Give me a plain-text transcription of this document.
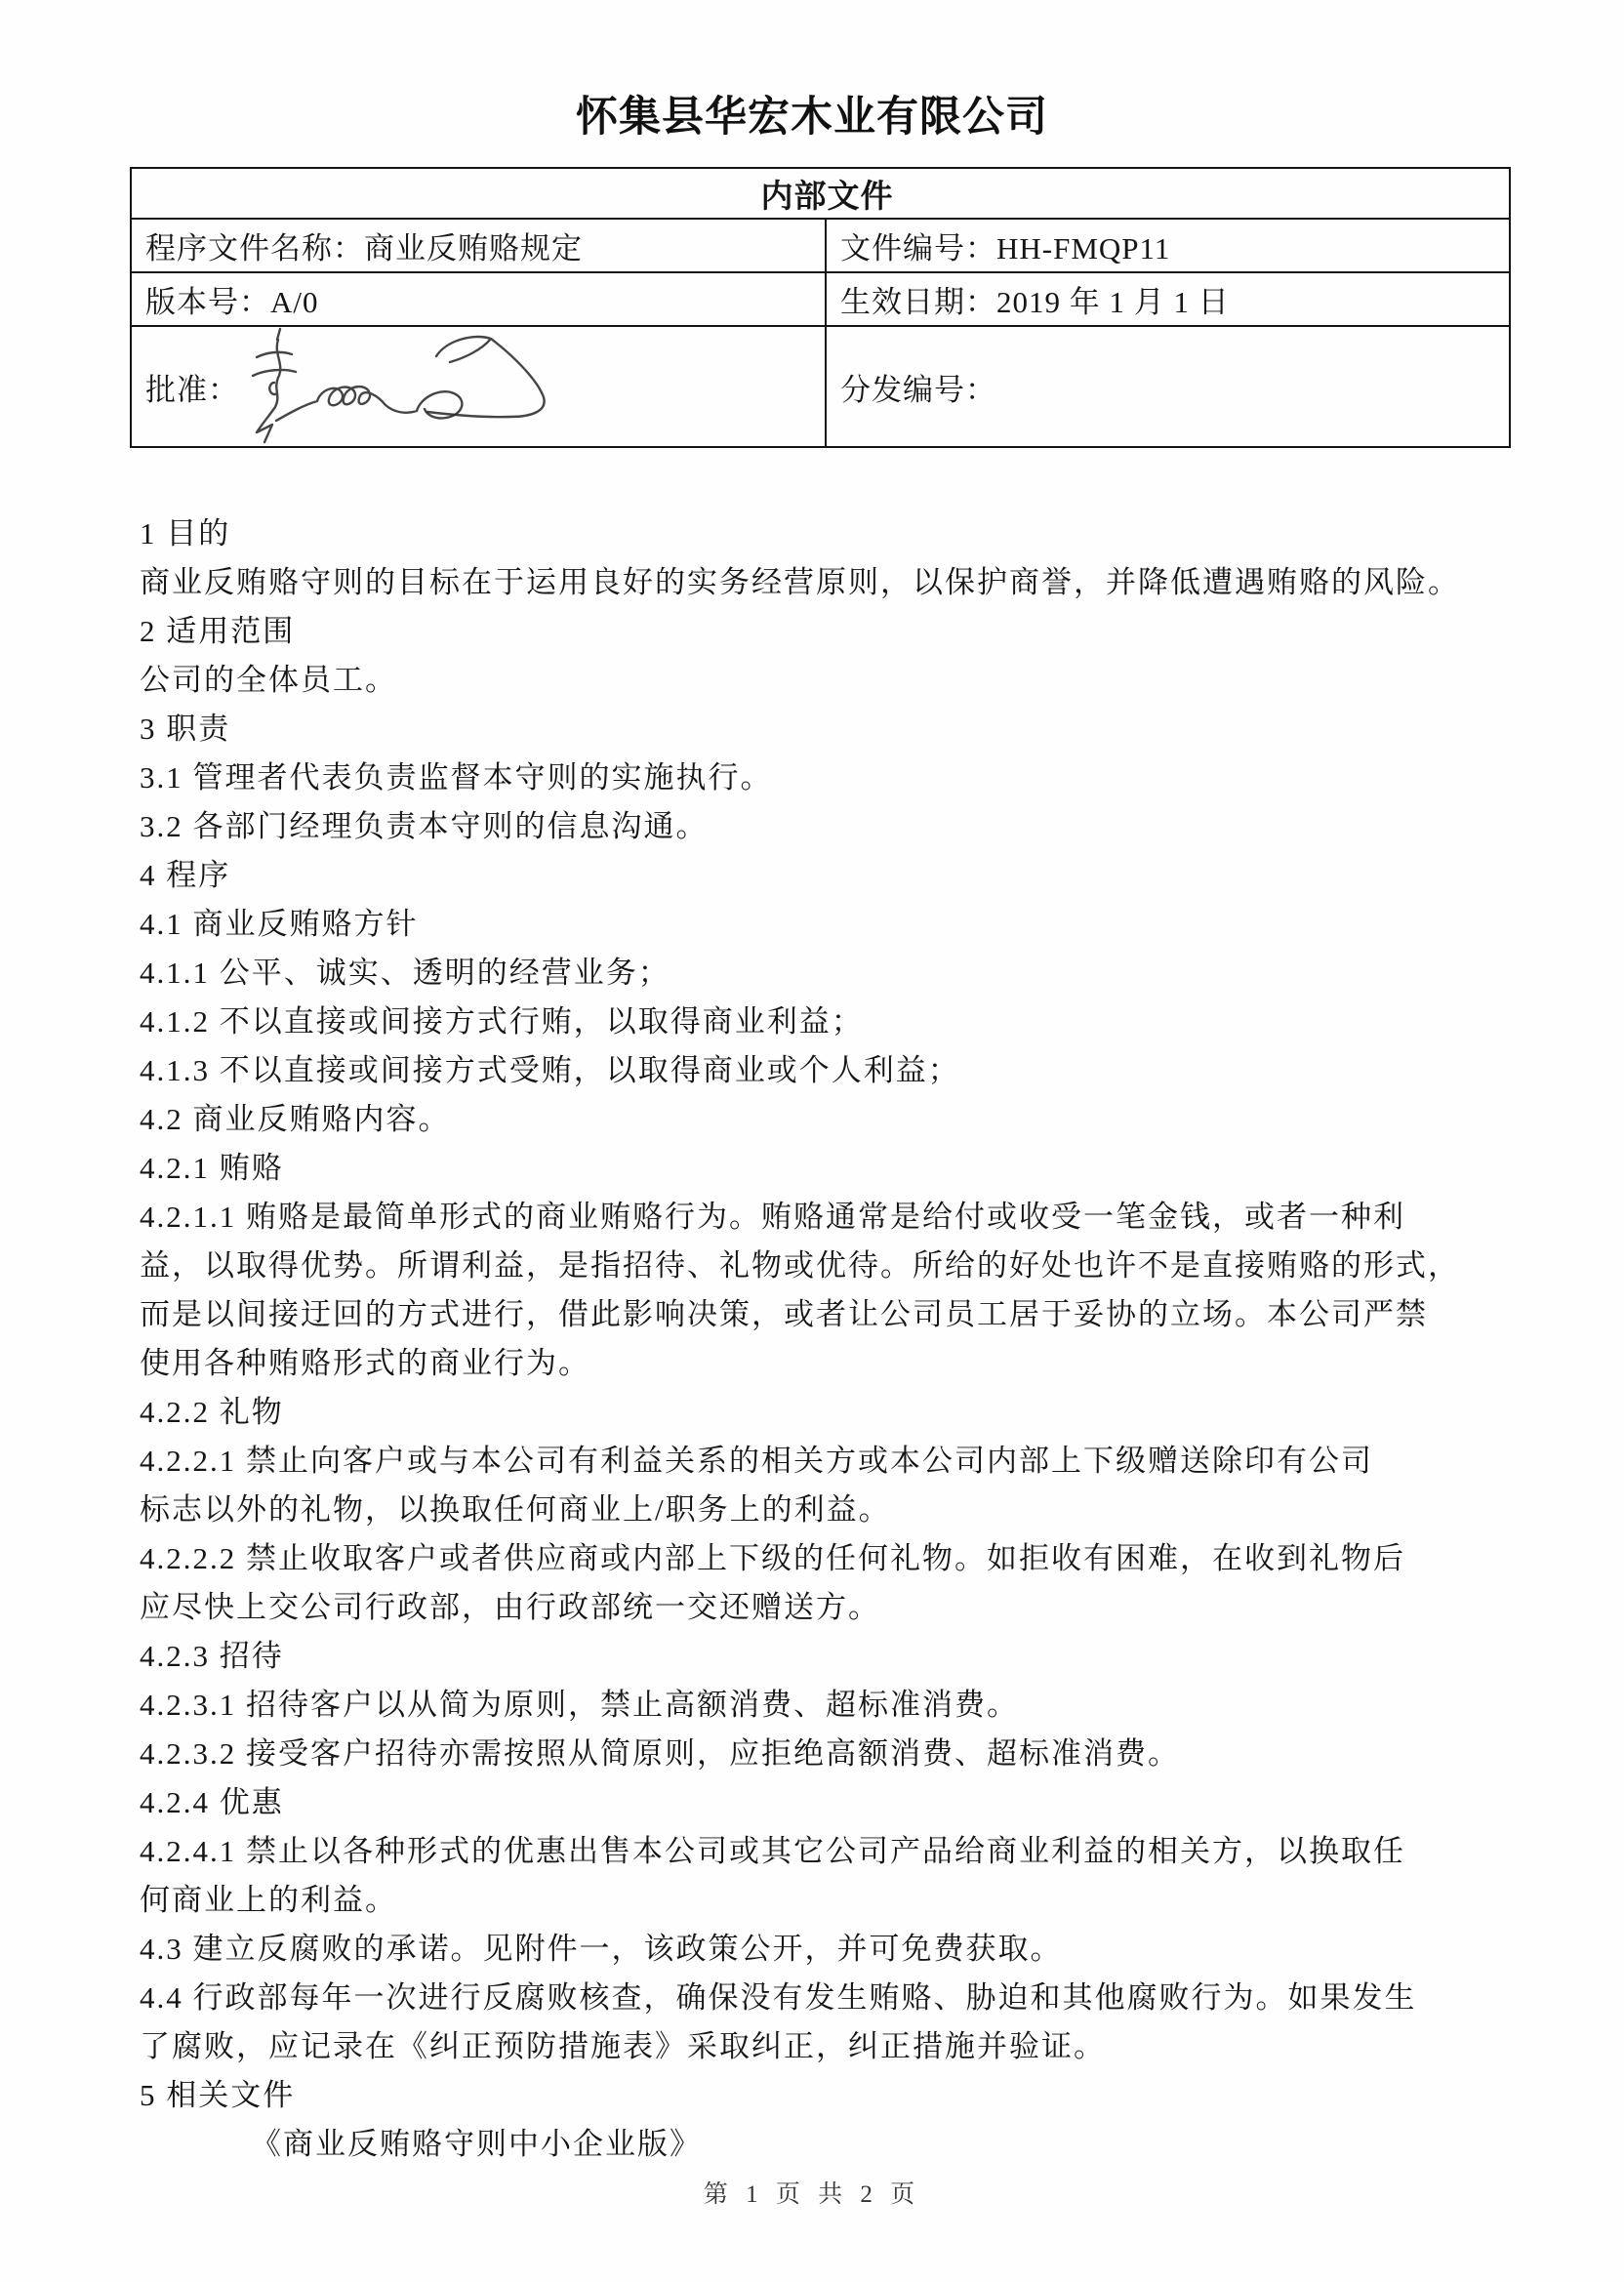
怀集县华宏木业有限公司
内部文件	
程序文件名称：商业反贿赂规定	文件编号：HH-FMQP11
版本号：A/0	生效日期：2019 年 1 月 1 日

批准：	分发编号：
1 目的
商业反贿赂守则的目标在于运用良好的实务经营原则，以保护商誉，并降低遭遇贿赂的风险。
2 适用范围
公司的全体员工。
3 职责
3.1 管理者代表负责监督本守则的实施执行。
3.2 各部门经理负责本守则的信息沟通。
4 程序
4.1 商业反贿赂方针
4.1.1 公平、诚实、透明的经营业务；
4.1.2 不以直接或间接方式行贿，以取得商业利益；
4.1.3 不以直接或间接方式受贿，以取得商业或个人利益；
4.2 商业反贿赂内容。
4.2.1 贿赂
4.2.1.1 贿赂是最简单形式的商业贿赂行为。贿赂通常是给付或收受一笔金钱，或者一种利
益，以取得优势。所谓利益，是指招待、礼物或优待。所给的好处也许不是直接贿赂的形式，
而是以间接迂回的方式进行，借此影响决策，或者让公司员工居于妥协的立场。本公司严禁
使用各种贿赂形式的商业行为。
4.2.2 礼物
4.2.2.1 禁止向客户或与本公司有利益关系的相关方或本公司内部上下级赠送除印有公司
标志以外的礼物，以换取任何商业上/职务上的利益。
4.2.2.2 禁止收取客户或者供应商或内部上下级的任何礼物。如拒收有困难，在收到礼物后
应尽快上交公司行政部，由行政部统一交还赠送方。
4.2.3 招待
4.2.3.1 招待客户以从简为原则，禁止高额消费、超标准消费。
4.2.3.2 接受客户招待亦需按照从简原则，应拒绝高额消费、超标准消费。
4.2.4 优惠
4.2.4.1 禁止以各种形式的优惠出售本公司或其它公司产品给商业利益的相关方，以换取任
何商业上的利益。
4.3 建立反腐败的承诺。见附件一，该政策公开，并可免费获取。
4.4 行政部每年一次进行反腐败核查，确保没有发生贿赂、胁迫和其他腐败行为。如果发生
了腐败，应记录在《纠正预防措施表》采取纠正，纠正措施并验证。
5 相关文件
《商业反贿赂守则中小企业版》
第 1 页 共 2 页
